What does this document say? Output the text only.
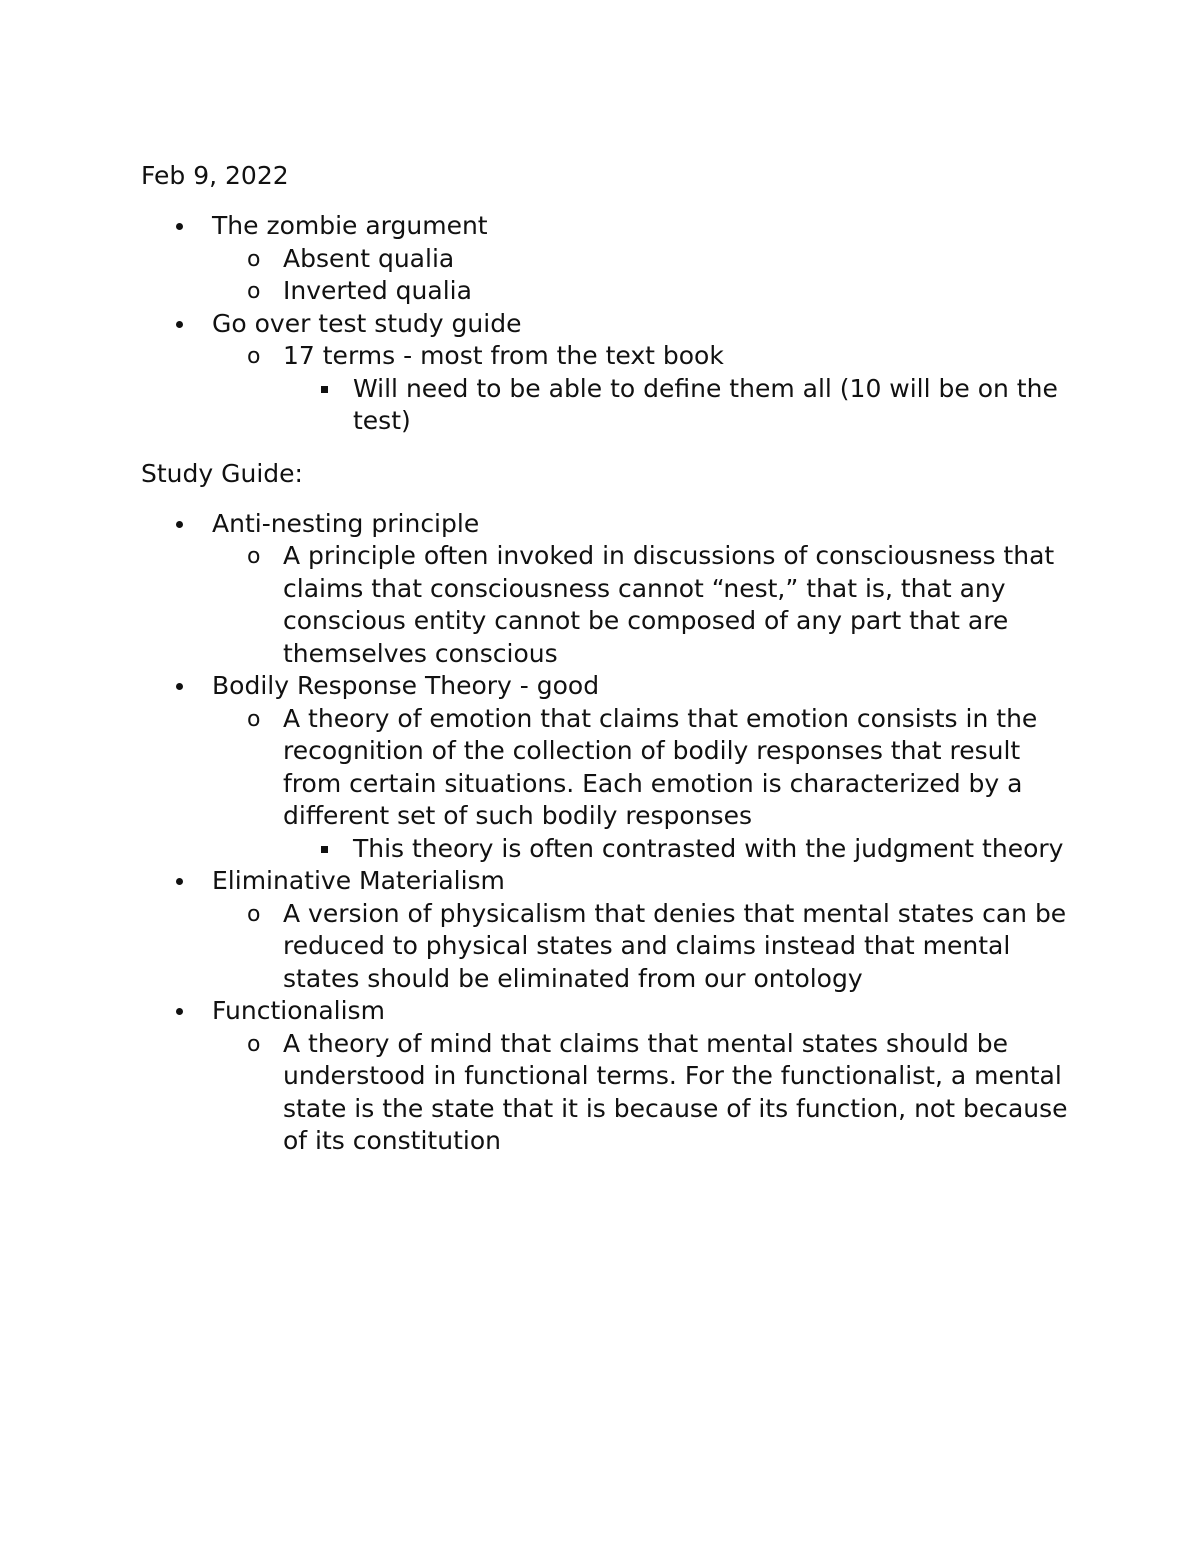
Feb 9, 2022

The zombie argument
o Absent qualia
o Inverted qualia
Go over test study guide
o 17 terms - most from the text book
Will need to be able to define them all (10 will be on the test)

Study Guide:

Anti-nesting principle
o A principle often invoked in discussions of consciousness that claims that consciousness cannot “nest,” that is, that any conscious entity cannot be composed of any part that are themselves conscious
Bodily Response Theory - good
o A theory of emotion that claims that emotion consists in the recognition of the collection of bodily responses that result from certain situations. Each emotion is characterized by a different set of such bodily responses
This theory is often contrasted with the judgment theory
Eliminative Materialism
o A version of physicalism that denies that mental states can be reduced to physical states and claims instead that mental states should be eliminated from our ontology
Functionalism
o A theory of mind that claims that mental states should be understood in functional terms. For the functionalist, a mental state is the state that it is because of its function, not because of its constitution
